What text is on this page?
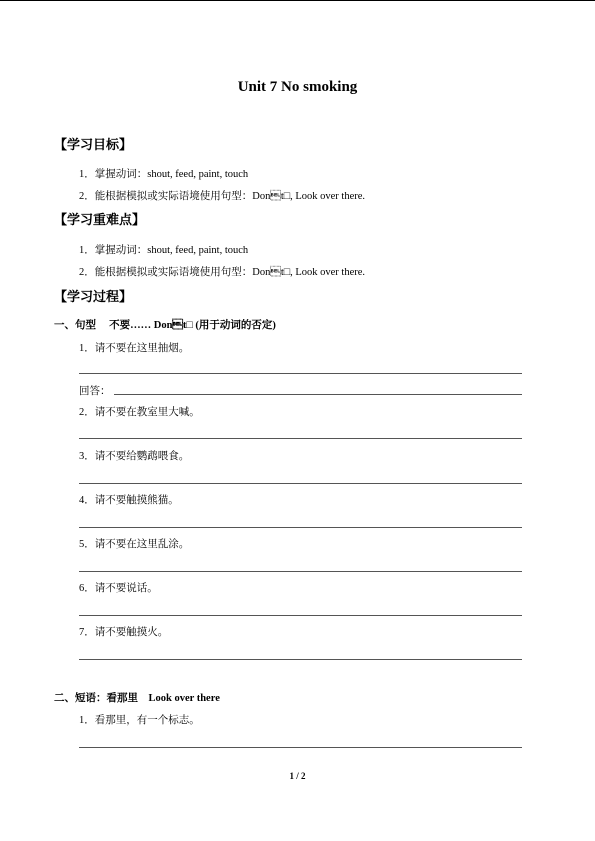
Unit 7 No smoking
【学习目标】
1．掌握动词：shout, feed, paint, touch
2．能根据模拟或实际语境使用句型：Dont□, Look over there.
【学习重难点】
1．掌握动词：shout, feed, paint, touch
2．能根据模拟或实际语境使用句型：Dont□, Look over there.
【学习过程】
一、句型　 不要…… Dont□ (用于动词的否定)
1．请不要在这里抽烟。
回答：
2．请不要在教室里大喊。
3．请不要给鹦鹉喂食。
4．请不要触摸熊猫。
5．请不要在这里乱涂。
6．请不要说话。
7．请不要触摸火。
二、短语：看那里　Look over there
1．看那里，有一个标志。
1 / 2
